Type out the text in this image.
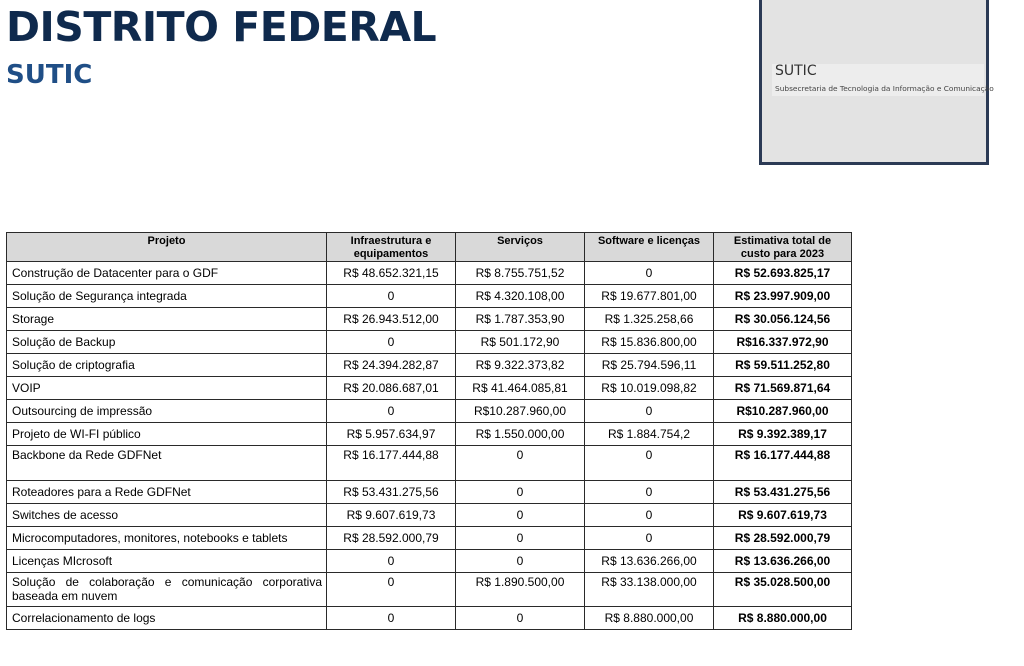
DISTRITO FEDERAL
SUTIC	SUTIC
Subsecretaria de Tecnologia da Informação e Comunicação
Projeto	Infraestrutura e equipamentos	Serviços	Software e licenças	Estimativa total de custo para 2023
Construção de Datacenter para o GDF	R$ 48.652.321,15	R$ 8.755.751,52	0	R$ 52.693.825,17
Solução de Segurança integrada	0	R$ 4.320.108,00	R$ 19.677.801,00	R$ 23.997.909,00
Storage	R$ 26.943.512,00	R$ 1.787.353,90	R$ 1.325.258,66	R$ 30.056.124,56
Solução de Backup	0	R$ 501.172,90	R$ 15.836.800,00	R$16.337.972,90
Solução de criptografia	R$ 24.394.282,87	R$ 9.322.373,82	R$ 25.794.596,11	R$ 59.511.252,80
VOIP	R$ 20.086.687,01	R$ 41.464.085,81	R$ 10.019.098,82	R$ 71.569.871,64
Outsourcing de impressão	0	R$10.287.960,00	0	R$10.287.960,00
Projeto de WI-FI público	R$ 5.957.634,97	R$ 1.550.000,00	R$ 1.884.754,2	R$ 9.392.389,17
Backbone da Rede GDFNet	R$ 16.177.444,88	0	0	R$ 16.177.444,88
Roteadores para a Rede GDFNet	R$ 53.431.275,56	0	0	R$ 53.431.275,56
Switches de acesso	R$ 9.607.619,73	0	0	R$ 9.607.619,73
Microcomputadores, monitores, notebooks e tablets	R$ 28.592.000,79	0	0	R$ 28.592.000,79
Licenças MIcrosoft	0	0	R$ 13.636.266,00	R$ 13.636.266,00
Solução de colaboração e comunicação corporativa baseada em nuvem	0	R$ 1.890.500,00	R$ 33.138.000,00	R$ 35.028.500,00
Correlacionamento de logs	0	0	R$ 8.880.000,00	R$ 8.880.000,00
